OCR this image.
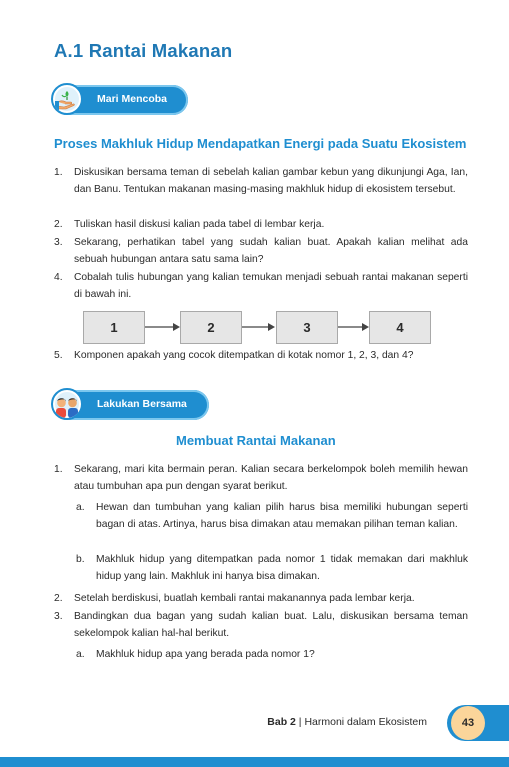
A.1 Rantai Makanan
Mari Mencoba
Proses Makhluk Hidup Mendapatkan Energi pada Suatu Ekosistem
1. Diskusikan bersama teman di sebelah kalian gambar kebun yang dikunjungi Aga, Ian, dan Banu. Tentukan makanan masing-masing makhluk hidup di ekosistem tersebut.
2. Tuliskan hasil diskusi kalian pada tabel di lembar kerja.
3. Sekarang, perhatikan tabel yang sudah kalian buat. Apakah kalian melihat ada sebuah hubungan antara satu sama lain?
4. Cobalah tulis hubungan yang kalian temukan menjadi sebuah rantai makanan seperti di bawah ini.
1	2	3	4
5. Komponen apakah yang cocok ditempatkan di kotak nomor 1, 2, 3, dan 4?
Lakukan Bersama
Membuat Rantai Makanan
1. Sekarang, mari kita bermain peran. Kalian secara berkelompok boleh memilih hewan atau tumbuhan apa pun dengan syarat berikut.
a. Hewan dan tumbuhan yang kalian pilih harus bisa memiliki hubungan seperti bagan di atas. Artinya, harus bisa dimakan atau memakan pilihan teman kalian.
b. Makhluk hidup yang ditempatkan pada nomor 1 tidak memakan dari makhluk hidup yang lain. Makhluk ini hanya bisa dimakan.
2. Setelah berdiskusi, buatlah kembali rantai makanannya pada lembar kerja.
3. Bandingkan dua bagan yang sudah kalian buat. Lalu, diskusikan bersama teman sekelompok kalian hal-hal berikut.
a. Makhluk hidup apa yang berada pada nomor 1?
Bab 2 | Harmoni dalam Ekosistem	43
